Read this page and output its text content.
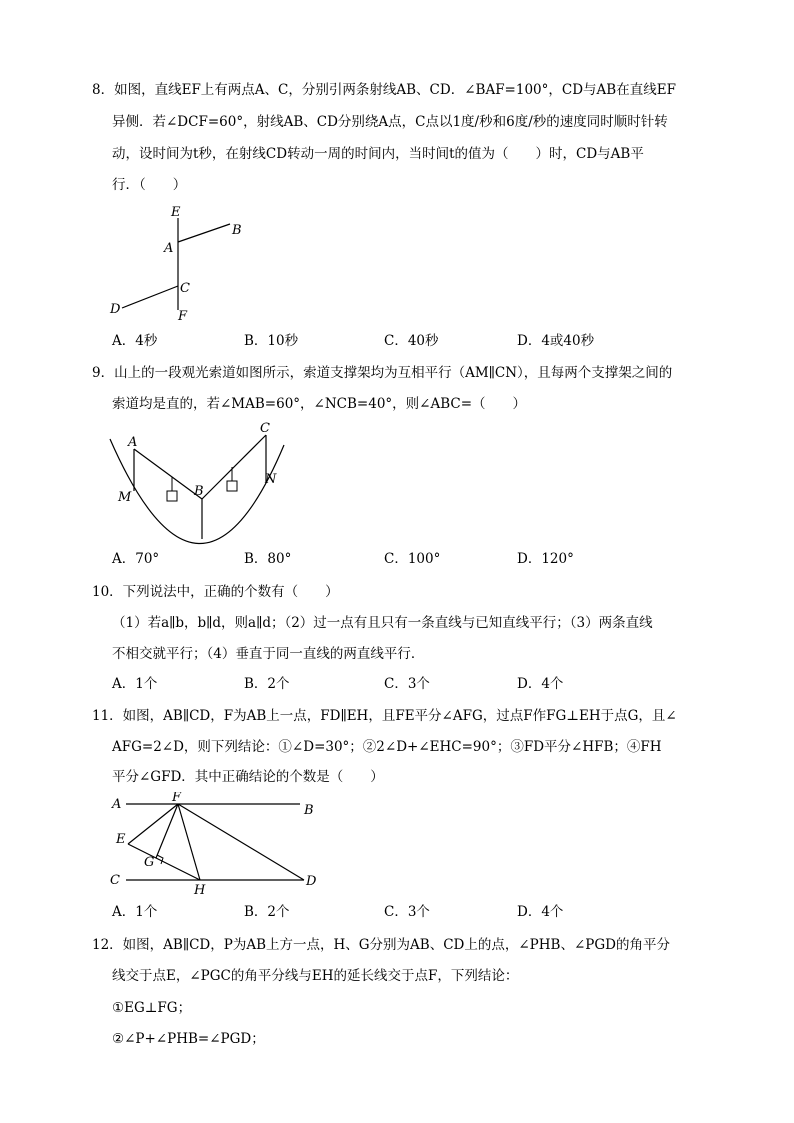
8．如图，直线EF上有两点A、C，分别引两条射线AB、CD．∠BAF=100°，CD与AB在直线EF
异侧．若∠DCF=60°，射线AB、CD分别绕A点，C点以1度/秒和6度/秒的速度同时顺时针转
动，设时间为t秒，在射线CD转动一周的时间内，当时间t的值为（　　）时，CD与AB平
行．（　　）
E
A
B
C
D	F
A．4秒	B．10秒	C．40秒	D．4或40秒
9．山上的一段观光索道如图所示，索道支撑架均为互相平行（AM∥CN），且每两个支撑架之间的
索道均是直的，若∠MAB=60°，∠NCB=40°，则∠ABC=（　　）
A
B
C
M
N
A．70°	B．80°	C．100°	D．120°
10．下列说法中，正确的个数有（　　）
（1）若a∥b，b∥d，则a∥d；（2）过一点有且只有一条直线与已知直线平行；（3）两条直线
不相交就平行；（4）垂直于同一直线的两直线平行．
A．1个	B．2个	C．3个	D．4个
11．如图，AB∥CD，F为AB上一点，FD∥EH，且FE平分∠AFG，过点F作FG⊥EH于点G，且∠
AFG=2∠D，则下列结论：①∠D=30°；②2∠D+∠EHC=90°；③FD平分∠HFB；④FH
平分∠GFD．其中正确结论的个数是（　　）
A	F
B
E
G
C
H
D
A．1个	B．2个	C．3个	D．4个
12．如图，AB∥CD，P为AB上方一点，H、G分别为AB、CD上的点，∠PHB、∠PGD的角平分
线交于点E，∠PGC的角平分线与EH的延长线交于点F，下列结论：
①EG⊥FG；
②∠P+∠PHB=∠PGD；
